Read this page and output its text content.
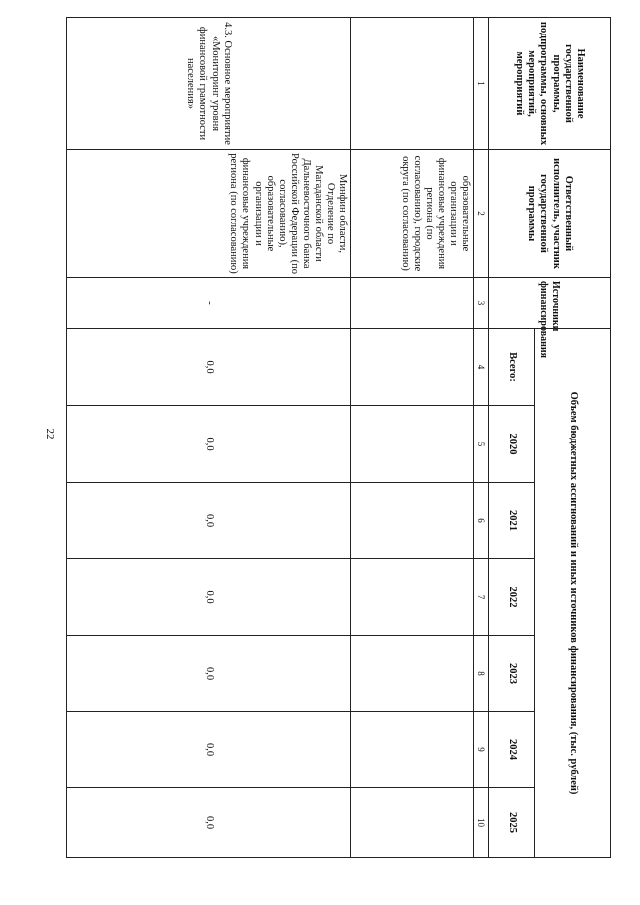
22
Наименование государственной программы, подпрограммы, основных мероприятий, мероприятий	Ответственный исполнитель, участник государственной программы	Источники финансирования	Объем бюджетных ассигнований и иных источников финансирования, (тыс. рублей)						
			Всего:	2020	2021	2022	2023	2024	2025
1	2	3	4	5	6	7	8	9	10
	образовательные организации и финансовые учреждения региона (по согласованию), городские округа (по согласованию)								
4.3. Основное мероприятие «Мониторинг уровня финансовой грамотности населения»	Минфин области, Отделение по Магаданской области Дальневосточного банка Российской Федерации (по согласованию), образовательные организации и финансовые учреждения региона (по согласованию)	-	0,0	0,0	0,0	0,0	0,0	0,0	0,0
